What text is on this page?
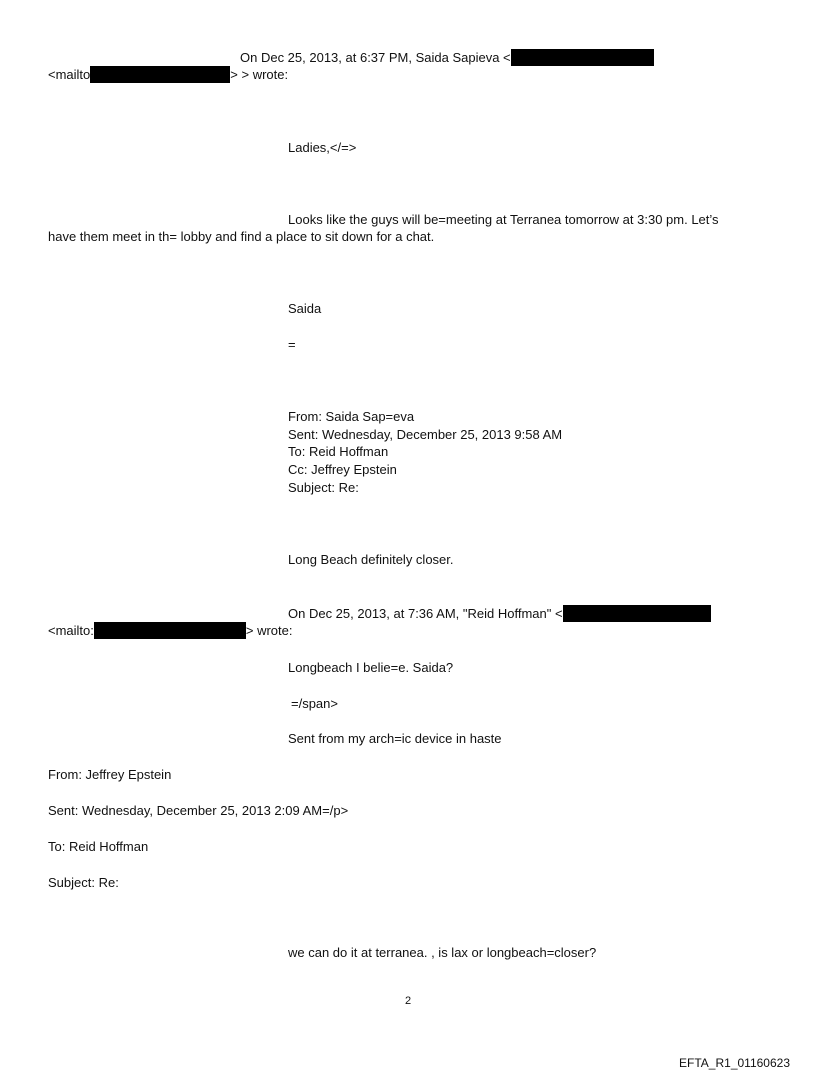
On Dec 25, 2013, at 6:37 PM, Saida Sapieva <
<mailto	> > wrote:
Ladies,</=>
Looks like the guys will be=meeting at Terranea tomorrow at 3:30 pm. Let’s
have them meet in th= lobby and find a place to sit down for a chat.
Saida
=
From: Saida Sap=eva
Sent: Wednesday, December 25, 2013 9:58 AM
To: Reid Hoffman
Cc: Jeffrey Epstein
Subject: Re:
Long Beach definitely closer.
On Dec 25, 2013, at 7:36 AM, "Reid Hoffman" <
<mailto:	> wrote:
Longbeach I belie=e. Saida?
=/span>
Sent from my arch=ic device in haste
From: Jeffrey Epstein
Sent: Wednesday, December 25, 2013 2:09 AM=/p>
To: Reid Hoffman
Subject: Re:
we can do it at terranea. , is lax or longbeach=closer?
2
EFTA_R1_01160623
